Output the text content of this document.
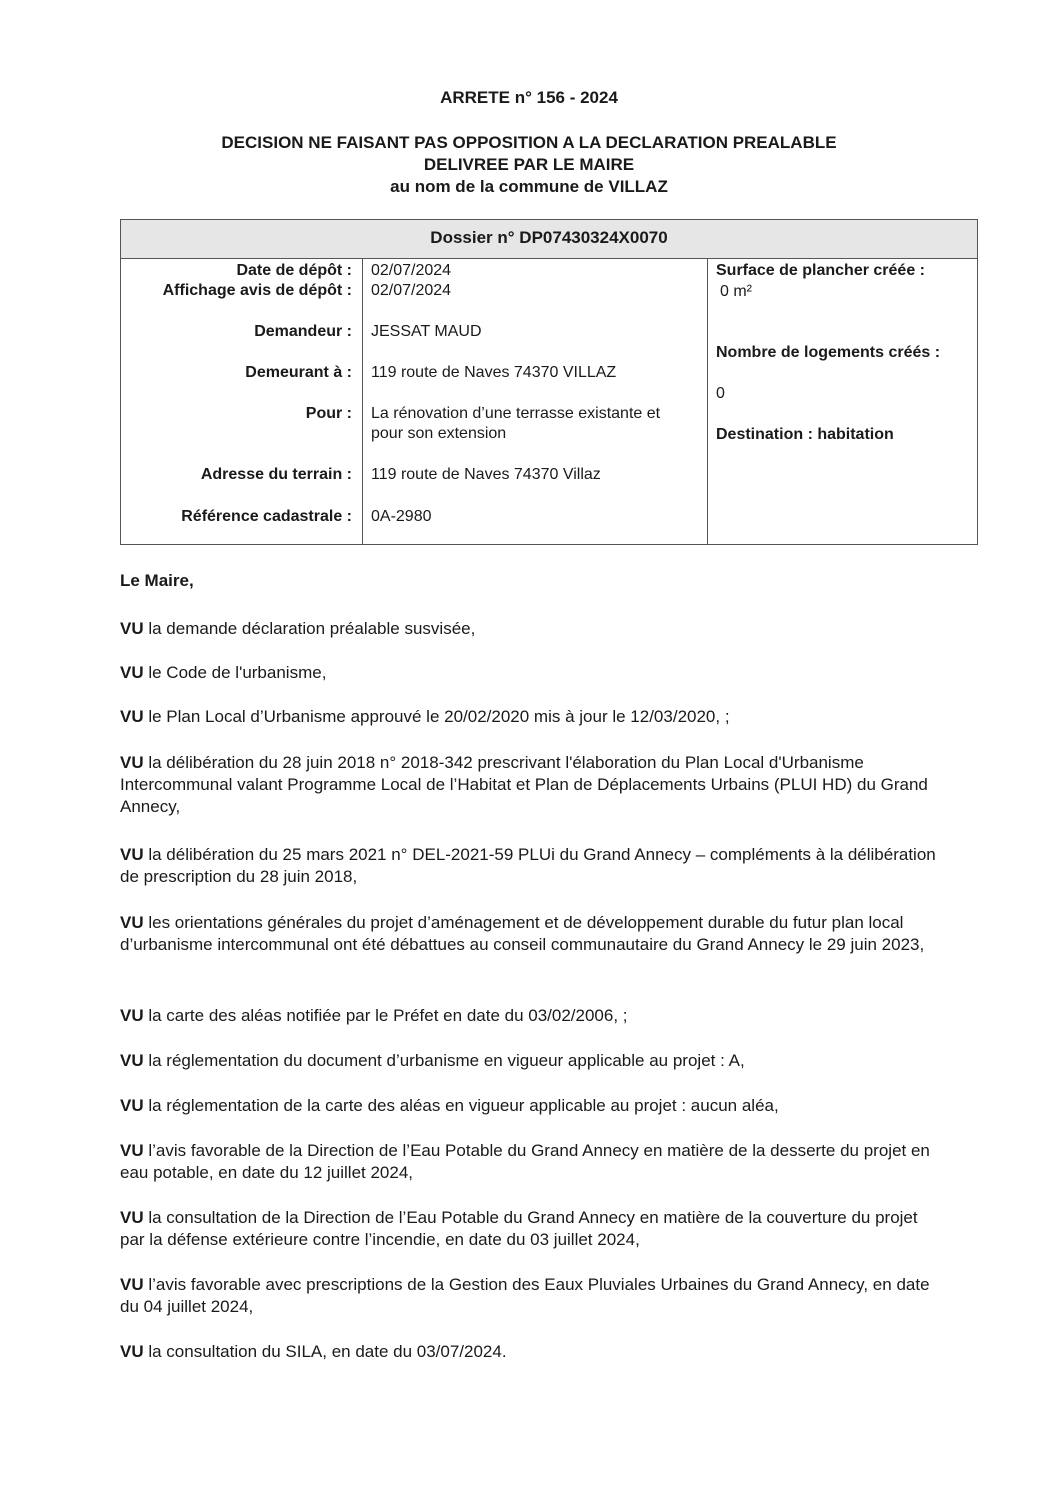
ARRETE n° 156 - 2024
DECISION NE FAISANT PAS OPPOSITION A LA DECLARATION PREALABLE
DELIVREE PAR LE MAIRE
au nom de la commune de VILLAZ
Dossier n° DP07430324X0070
Date de dépôt :
Affichage avis de dépôt :
Demandeur :
Demeurant à :
Pour :
Adresse du terrain :
Référence cadastrale :
02/07/2024
02/07/2024
JESSAT MAUD
119 route de Naves 74370 VILLAZ
La rénovation d’une terrasse existante et
pour son extension
119 route de Naves 74370 Villaz
0A-2980
Surface de plancher créée :
0 m²
Nombre de logements créés :
0
Destination : habitation
Le Maire,
VU la demande déclaration préalable susvisée,
VU le Code de l'urbanisme,
VU le Plan Local d’Urbanisme approuvé le 20/02/2020 mis à jour le 12/03/2020, ;
VU la délibération du 28 juin 2018 n° 2018-342 prescrivant l'élaboration du Plan Local d'Urbanisme Intercommunal valant Programme Local de l’Habitat et Plan de Déplacements Urbains (PLUI HD) du Grand Annecy,
VU la délibération du 25 mars 2021 n° DEL-2021-59 PLUi du Grand Annecy – compléments à la délibération de prescription du 28 juin 2018,
VU les orientations générales du projet d’aménagement et de développement durable du futur plan local d’urbanisme intercommunal ont été débattues au conseil communautaire du Grand Annecy le 29 juin 2023,
VU la carte des aléas notifiée par le Préfet en date du 03/02/2006, ;
VU la réglementation du document d’urbanisme en vigueur applicable au projet : A,
VU la réglementation de la carte des aléas en vigueur applicable au projet : aucun aléa,
VU l’avis favorable de la Direction de l’Eau Potable du Grand Annecy en matière de la desserte du projet en eau potable, en date du 12 juillet 2024,
VU la consultation de la Direction de l’Eau Potable du Grand Annecy en matière de la couverture du projet par la défense extérieure contre l’incendie, en date du 03 juillet 2024,
VU l’avis favorable avec prescriptions de la Gestion des Eaux Pluviales Urbaines du Grand Annecy, en date du 04 juillet 2024,
VU la consultation du SILA, en date du 03/07/2024.
